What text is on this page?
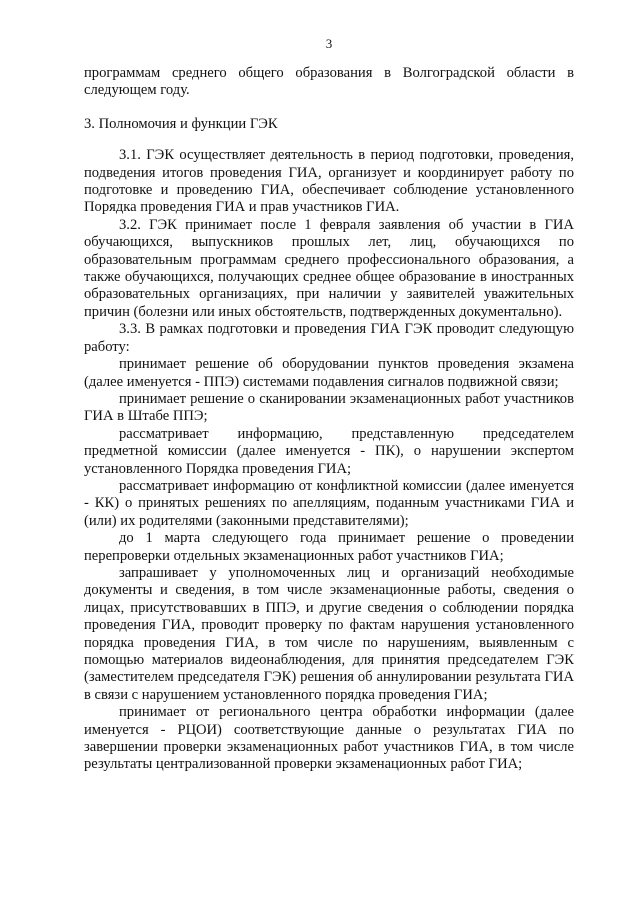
3

программам среднего общего образования в Волгоградской области в следующем году.

3. Полномочия и функции ГЭК

3.1. ГЭК осуществляет деятельность в период подготовки, проведения, подведения итогов проведения ГИА, организует и координирует работу по подготовке и проведению ГИА, обеспечивает соблюдение установленного Порядка проведения ГИА и прав участников ГИА.

3.2. ГЭК принимает после 1 февраля заявления об участии в ГИА обучающихся, выпускников прошлых лет, лиц, обучающихся по образовательным программам среднего профессионального образования, а также обучающихся, получающих среднее общее образование в иностранных образовательных организациях, при наличии у заявителей уважительных причин (болезни или иных обстоятельств, подтвержденных документально).

3.3. В рамках подготовки и проведения ГИА ГЭК проводит следующую работу:

принимает решение об оборудовании пунктов проведения экзамена (далее именуется - ППЭ) системами подавления сигналов подвижной связи;

принимает решение о сканировании экзаменационных работ участников ГИА в Штабе ППЭ;

рассматривает информацию, представленную председателем предметной комиссии (далее именуется - ПК), о нарушении экспертом установленного Порядка проведения ГИА;

рассматривает информацию от конфликтной комиссии (далее именуется - КК) о принятых решениях по апелляциям, поданным участниками ГИА и (или) их родителями (законными представителями);

до 1 марта следующего года принимает решение о проведении перепроверки отдельных экзаменационных работ участников ГИА;

запрашивает у уполномоченных лиц и организаций необходимые документы и сведения, в том числе экзаменационные работы, сведения о лицах, присутствовавших в ППЭ, и другие сведения о соблюдении порядка проведения ГИА, проводит проверку по фактам нарушения установленного порядка проведения ГИА, в том числе по нарушениям, выявленным с помощью материалов видеонаблюдения, для принятия председателем ГЭК (заместителем председателя ГЭК) решения об аннулировании результата ГИА в связи с нарушением установленного порядка проведения ГИА;

принимает от регионального центра обработки информации (далее именуется - РЦОИ) соответствующие данные о результатах ГИА по завершении проверки экзаменационных работ участников ГИА, в том числе результаты централизованной проверки экзаменационных работ ГИА;
